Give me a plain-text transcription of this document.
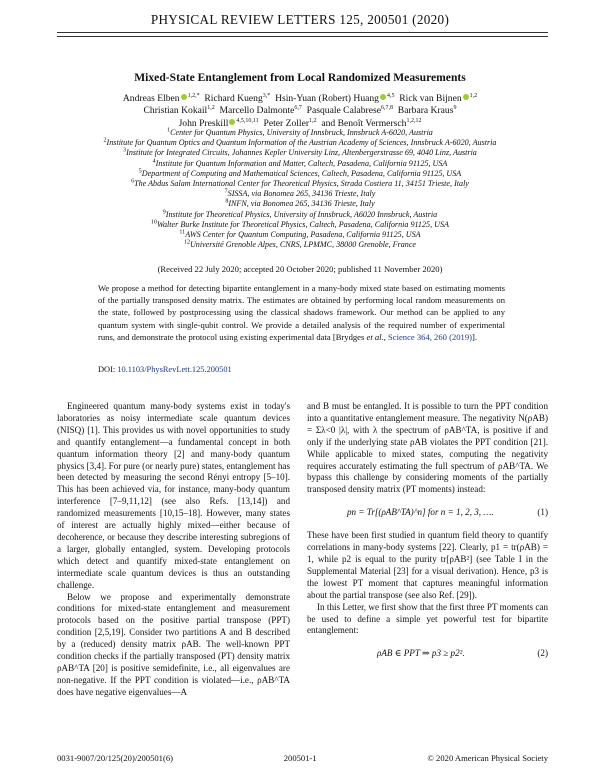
PHYSICAL REVIEW LETTERS 125, 200501 (2020)
Mixed-State Entanglement from Local Randomized Measurements
Andreas Elben $^{1,2,*}$ Richard Kueng$^{3,*}$ Hsin-Yuan (Robert) Huang $^{4,5}$ Rick van Bijnen $^{1,2}$
Christian Kokail$^{1,2}$ Marcello Dalmonte$^{6,7}$ Pasquale Calabrese$^{6,7,8}$ Barbara Kraus$^9$
John Preskill $^{4,5,10,11}$ Peter Zoller$^{1,2}$ and Benoît Vermersch$^{1,2,12}$
$^1$Center for Quantum Physics, University of Innsbruck, Innsbruck A-6020, Austria
$^2$Institute for Quantum Optics and Quantum Information of the Austrian Academy of Sciences, Innsbruck A-6020, Austria
$^3$Institute for Integrated Circuits, Johannes Kepler University Linz, Altenbergerstrasse 69, 4040 Linz, Austria
$^4$Institute for Quantum Information and Matter, Caltech, Pasadena, California 91125, USA
$^5$Department of Computing and Mathematical Sciences, Caltech, Pasadena, California 91125, USA
$^6$The Abdus Salam International Center for Theoretical Physics, Strada Costiera 11, 34151 Trieste, Italy
$^7$SISSA, via Bonomea 265, 34136 Trieste, Italy
$^8$INFN, via Bonomea 265, 34136 Trieste, Italy
$^9$Institute for Theoretical Physics, University of Innsbruck, A6020 Innsbruck, Austria
$^{10}$Walter Burke Institute for Theoretical Physics, Caltech, Pasadena, California 91125, USA
$^{11}$AWS Center for Quantum Computing, Pasadena, California 91125, USA
$^{12}$Université Grenoble Alpes, CNRS, LPMMC, 38000 Grenoble, France
(Received 22 July 2020; accepted 20 October 2020; published 11 November 2020)
We propose a method for detecting bipartite entanglement in a many-body mixed state based on estimating moments of the partially transposed density matrix. The estimates are obtained by performing local random measurements on the state, followed by postprocessing using the classical shadows framework. Our method can be applied to any quantum system with single-qubit control. We provide a detailed analysis of the required number of experimental runs, and demonstrate the protocol using existing experimental data [Brydges et al., Science 364, 260 (2019)].
DOI: 10.1103/PhysRevLett.125.200501

Engineered quantum many-body systems exist in today's laboratories as noisy intermediate scale quantum devices (NISQ) [1]. This provides us with novel opportunities to study and quantify entanglement—a fundamental concept in both quantum information theory [2] and many-body quantum physics [3,4]. For pure (or nearly pure) states, entanglement has been detected by measuring the second Rényi entropy [5–10]. This has been achieved via, for instance, many-body quantum interference [7–9,11,12] (see also Refs. [13,14]) and randomized measurements [10,15–18]. However, many states of interest are actually highly mixed—either because of decoherence, or because they describe interesting subregions of a larger, globally entangled, system. Developing protocols which detect and quantify mixed-state entanglement on intermediate scale quantum devices is thus an outstanding challenge.

Below we propose and experimentally demonstrate conditions for mixed-state entanglement and measurement protocols based on the positive partial transpose (PPT) condition [2,5,19]. Consider two partitions A and B described by a (reduced) density matrix ρAB. The well-known PPT condition checks if the partially transposed (PT) density matrix ρAB^TA [20] is positive semidefinite, i.e., all eigenvalues are non-negative. If the PPT condition is violated—i.e., ρAB^TA does have negative eigenvalues—A

and B must be entangled. It is possible to turn the PPT condition into a quantitative entanglement measure. The negativity N(ρAB) = Σλ<0 |λ|, with λ the spectrum of ρAB^TA, is positive if and only if the underlying state ρAB violates the PPT condition [21]. While applicable to mixed states, computing the negativity requires accurately estimating the full spectrum of ρAB^TA. We bypass this challenge by considering moments of the partially transposed density matrix (PT moments) instead:

pn = Tr[(ρAB^TA)^n] for n = 1, 2, 3, ….	(1)

These have been first studied in quantum field theory to quantify correlations in many-body systems [22]. Clearly, p1 = tr(ρAB) = 1, while p2 is equal to the purity tr[ρAB²] (see Table I in the Supplemental Material [23] for a visual derivation). Hence, p3 is the lowest PT moment that captures meaningful information about the partial transpose (see also Ref. [29]).

In this Letter, we first show that the first three PT moments can be used to define a simple yet powerful test for bipartite entanglement:

ρAB ∈ PPT ⇒ p3 ≥ p2².	(2)
0031-9007/20/125(20)/200501(6)	200501-1	© 2020 American Physical Society
